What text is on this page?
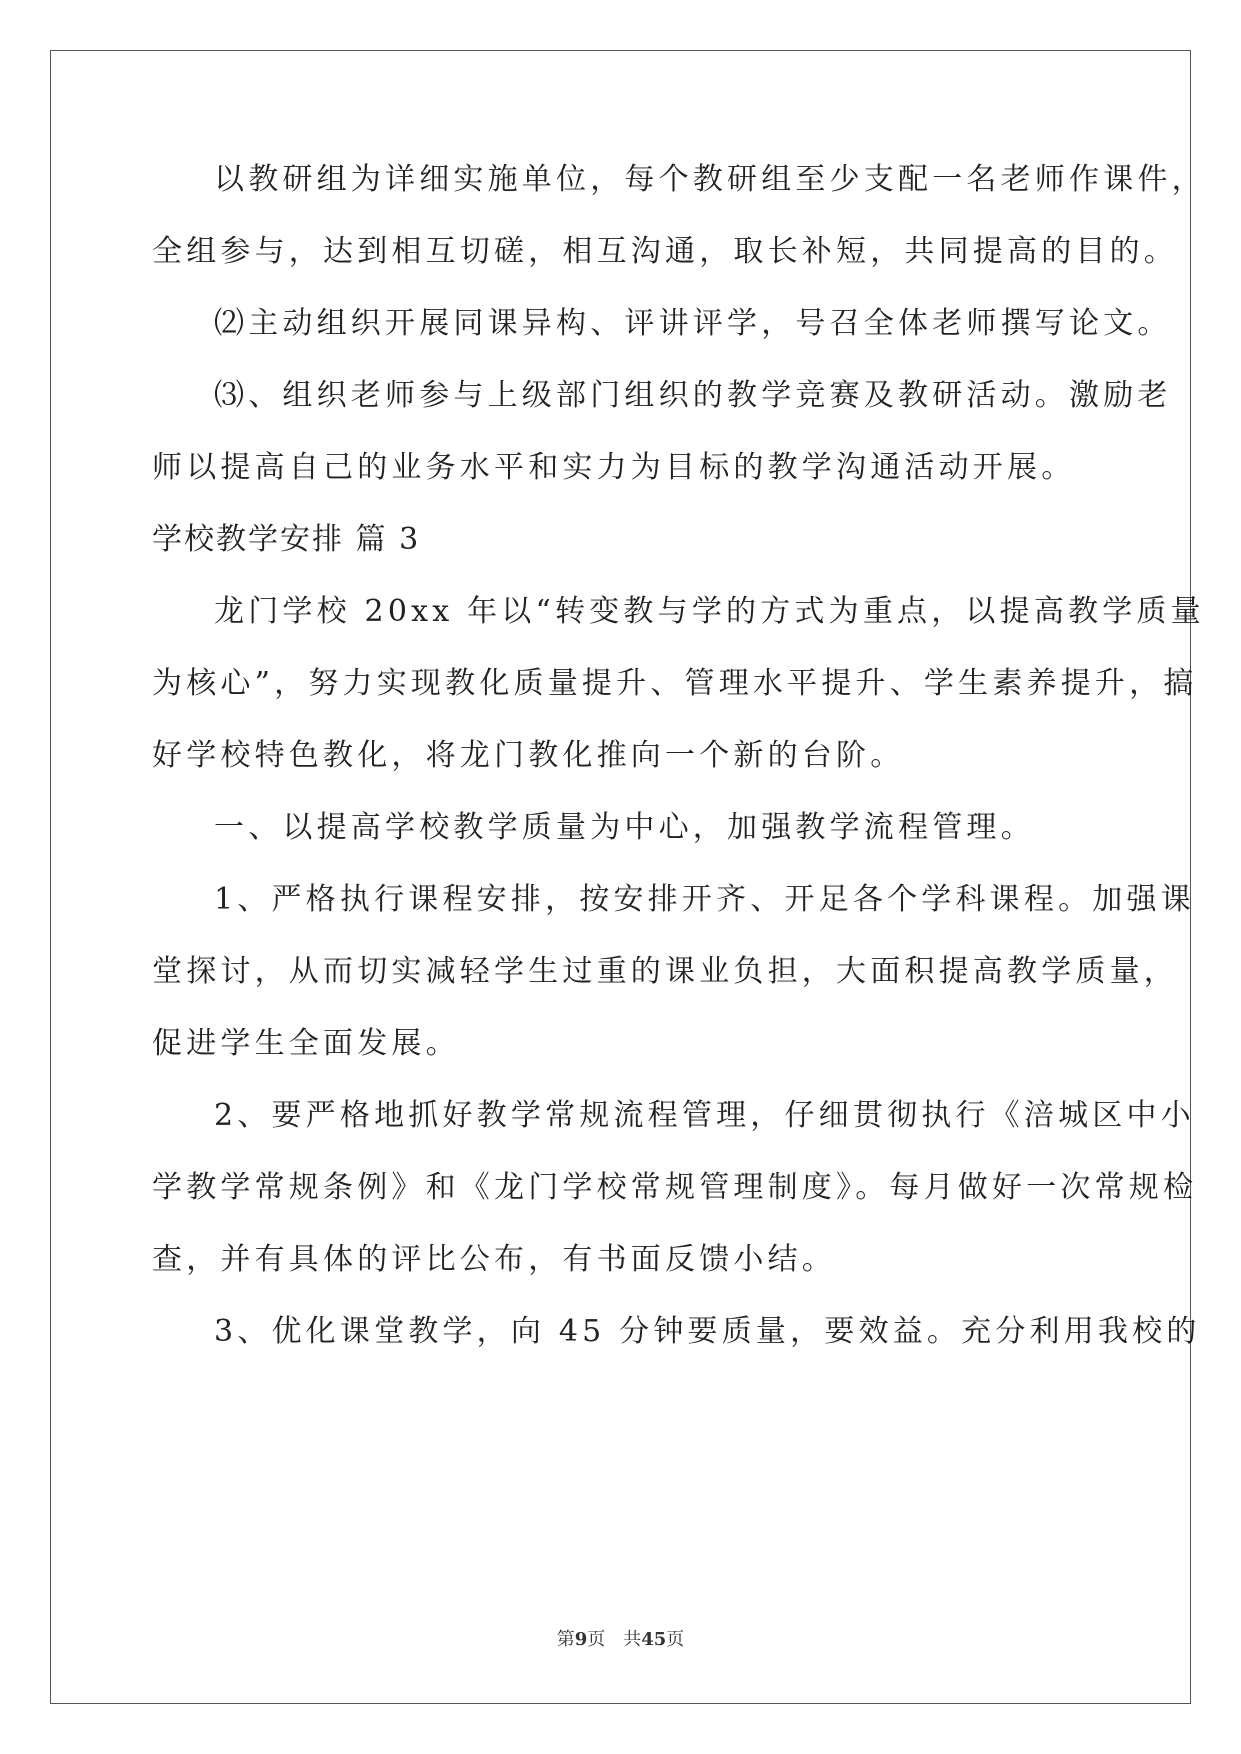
以教研组为详细实施单位，每个教研组至少支配一名老师作课件，
全组参与，达到相互切磋，相互沟通，取长补短，共同提高的目的。
⑵主动组织开展同课异构、评讲评学，号召全体老师撰写论文。
⑶、组织老师参与上级部门组织的教学竞赛及教研活动。激励老
师以提高自己的业务水平和实力为目标的教学沟通活动开展。
学校教学安排 篇 3
龙门学校 20xx 年以“转变教与学的方式为重点，以提高教学质量
为核心”，努力实现教化质量提升、管理水平提升、学生素养提升，搞
好学校特色教化，将龙门教化推向一个新的台阶。
一、以提高学校教学质量为中心，加强教学流程管理。
1、严格执行课程安排，按安排开齐、开足各个学科课程。加强课
堂探讨，从而切实减轻学生过重的课业负担，大面积提高教学质量，
促进学生全面发展。
2、要严格地抓好教学常规流程管理，仔细贯彻执行《涪城区中小
学教学常规条例》和《龙门学校常规管理制度》。每月做好一次常规检
查，并有具体的评比公布，有书面反馈小结。
3、优化课堂教学，向 45 分钟要质量，要效益。充分利用我校的
第9页 共45页
